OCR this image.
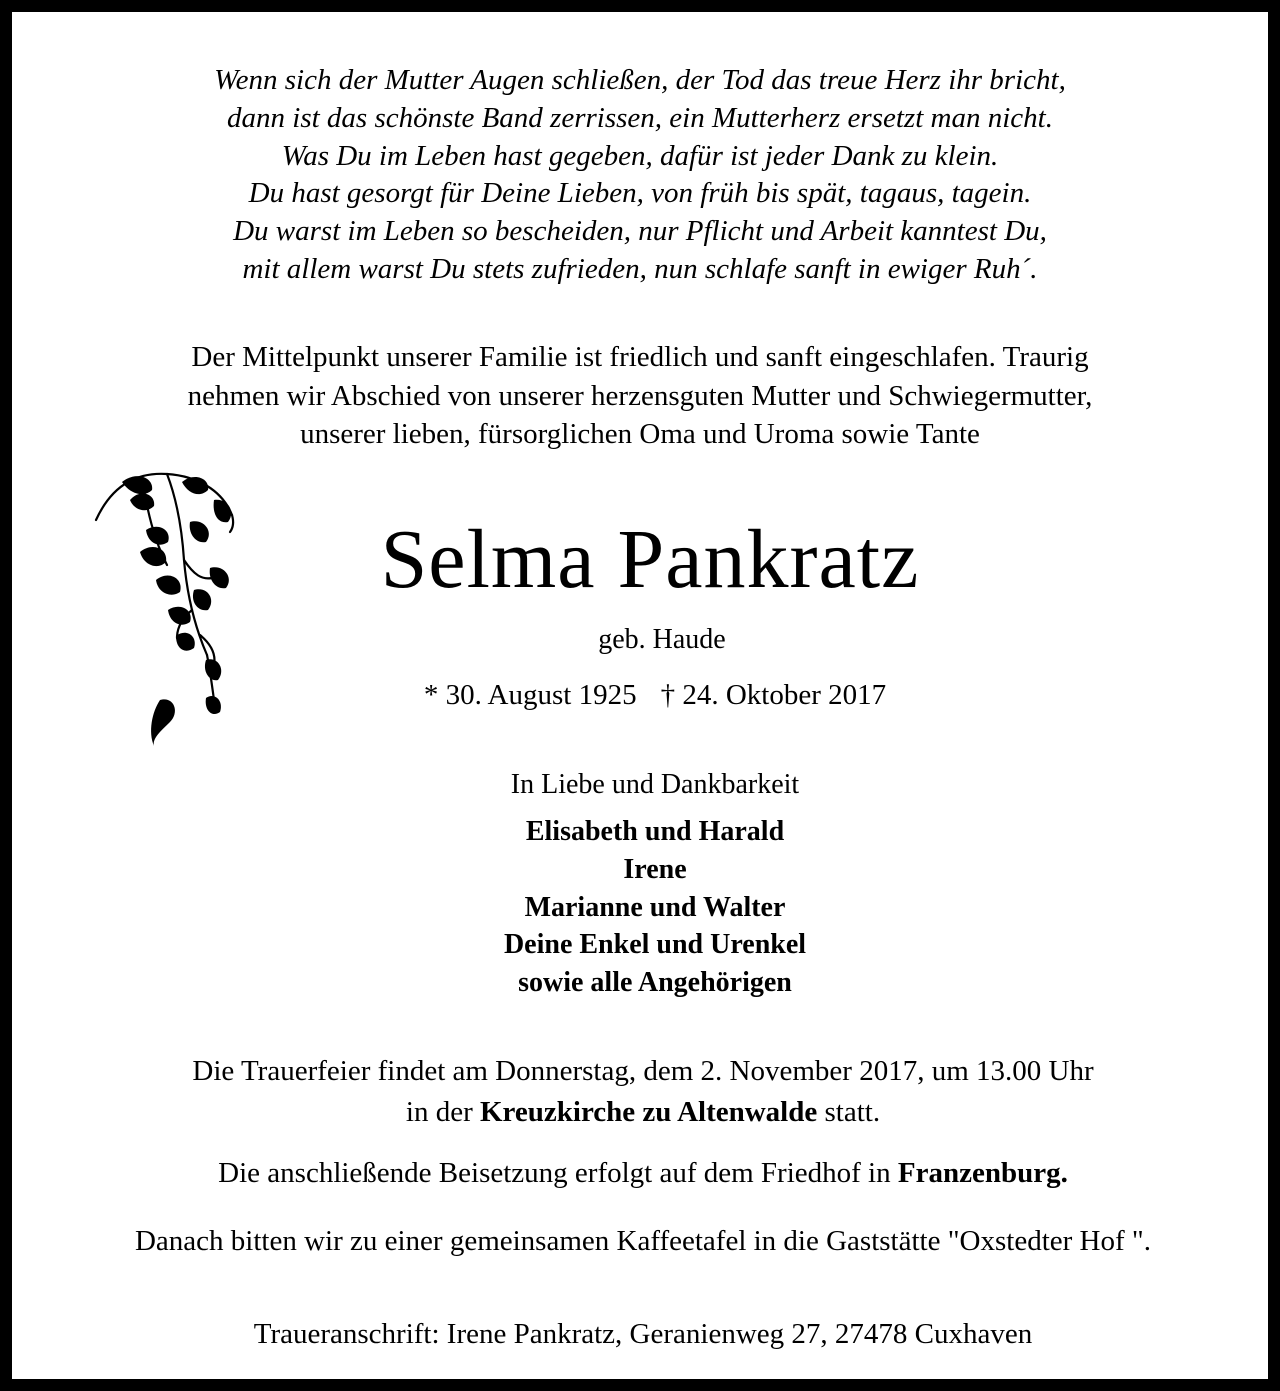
Wenn sich der Mutter Augen schließen, der Tod das treue Herz ihr bricht,
dann ist das schönste Band zerrissen, ein Mutterherz ersetzt man nicht.
Was Du im Leben hast gegeben, dafür ist jeder Dank zu klein.
Du hast gesorgt für Deine Lieben, von früh bis spät, tagaus, tagein.
Du warst im Leben so bescheiden, nur Pflicht und Arbeit kanntest Du,
mit allem warst Du stets zufrieden, nun schlafe sanft in ewiger Ruh´.
Der Mittelpunkt unserer Familie ist friedlich und sanft eingeschlafen. Traurig
nehmen wir Abschied von unserer herzensguten Mutter und Schwiegermutter,
unserer lieben, fürsorglichen Oma und Uroma sowie Tante
Selma Pankratz
geb. Haude
* 30. August 1925 † 24. Oktober 2017
In Liebe und Dankbarkeit
Elisabeth und Harald
Irene
Marianne und Walter
Deine Enkel und Urenkel
sowie alle Angehörigen
Die Trauerfeier findet am Donnerstag, dem 2. November 2017, um 13.00 Uhr
in der Kreuzkirche zu Altenwalde statt.
Die anschließende Beisetzung erfolgt auf dem Friedhof in Franzenburg.
Danach bitten wir zu einer gemeinsamen Kaffeetafel in die Gaststätte "Oxstedter Hof ".
Traueranschrift: Irene Pankratz, Geranienweg 27, 27478 Cuxhaven
